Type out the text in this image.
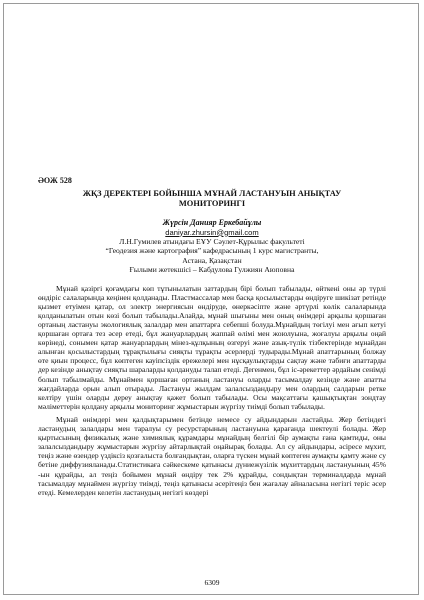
ӘОЖ 528
ЖҚЗ ДЕРЕКТЕРІ БОЙЫНША МҰНАЙ ЛАСТАНУЫН АНЫҚТАУ
МОНИТОРИНГІ
Жүрсін Данияр Еркебайұлы
daniyar.zhursin@gmail.com
Л.Н.Гумилев атындағы ЕҰУ Сәулет-Құрылыс факультеті
“Геодезия және картография” кафедрасының 1 курс магистранты,
Астана, Қазақстан
Ғылыми жетекшісі – Кабдулова Гулжиян Аюповна

Мұнай қазіргі қоғамдағы көп тұтынылатын заттардың бірі болып табылады, өйткені оны әр түрлі өндіріс салаларында кеңінен қолданады. Пластмассалар мен басқа қосылыстарды өндіруге шикізат ретінде қызмет етуімен қатар, ол электр энергиясын өндіруде, өнеркәсіпте және әртүрлі көлік салаларында қолданылатын отын көзі болып табылады.Алайда, мұнай шығыны мен оның өнімдері арқылы қоршаған ортаның ластануы экологиялық залалдар мен апаттарға себепші болуда.Мұнайдың төгілуі мен ағып кетуі қоршаған ортаға тез әсер етеді, бұл жануарлардың жаппай өлімі мен жоюлуына, жоғалуы арқылы оңай көрінеді, сонымен қатар жануарлардың мінез-құлқының өзгеруі және азық-түлік тізбектерінде мұнайдан алынған қосылыстардың тұрақтылығы сияқты тұрақты әсерлерді тудырады.Мұнай апаттарының болжау өте қиын процесс, бұл көптеген кауіпсіздік ережелері мен нұсқаулықтарды сақтау және табиғи апаттарды дер кезінде анықтау сияқты шараларды қолдануды талап етеді. Дегенмен, бұл іс-әрекеттер әрдайым сенімді болып табылмайды. Мұнаймен қоршаған ортаның ластануы оларды тасымалдау кезінде және апатты жағдайларда орын алып отырады. Ластануы жылдам залалсыздандыру мен олардың салдарын ретке келтіру үшін оларды дереу анықтау қажет болып табылады. Осы мақсаттағы қашықтықтан зондтау мәліметтерін қолдану арқылы мониторинг жұмыстарын жүргізу тиімді болып табылады.

Мұнай өнімдері мен қалдықтарымен бетінде немесе су айдындарын ластайды. Жер бетіндегі ластанудың залалдары мен таралуы су ресурстарының ластануына қарағанда шектеулі болады. Жер қыртысының физикалық және химиялық құрамдары мұнайдың белгілі бір аумақты ғана қамтиды, оны залалсыздандыру жұмыстарын жүргізу айтарлықтай оңайырақ болады. Ал су айдындары, әсіресе мұхит, теңіз және өзендер үздіксіз қозғалыста болғандықтан, оларға түскен мұнай көптеген аумақты қамту және су бетіне диффузияланады.Статистикаға сәйкескеме қатынасы дүниежүзілік мұхиттардың ластануының 45% -ын құрайды, ал теңіз бойымен мұнай өндіру тек 2% құрайды, сондықтан терминалдарда мұнай тасымалдау мұнаймен жүргізу тиімді, теңіз қатынасы әсерітеңіз бен жағалау айналасына негізгі теріс әсер етеді. Кемелерден келетін ластанудың негізгі көздері

6309
